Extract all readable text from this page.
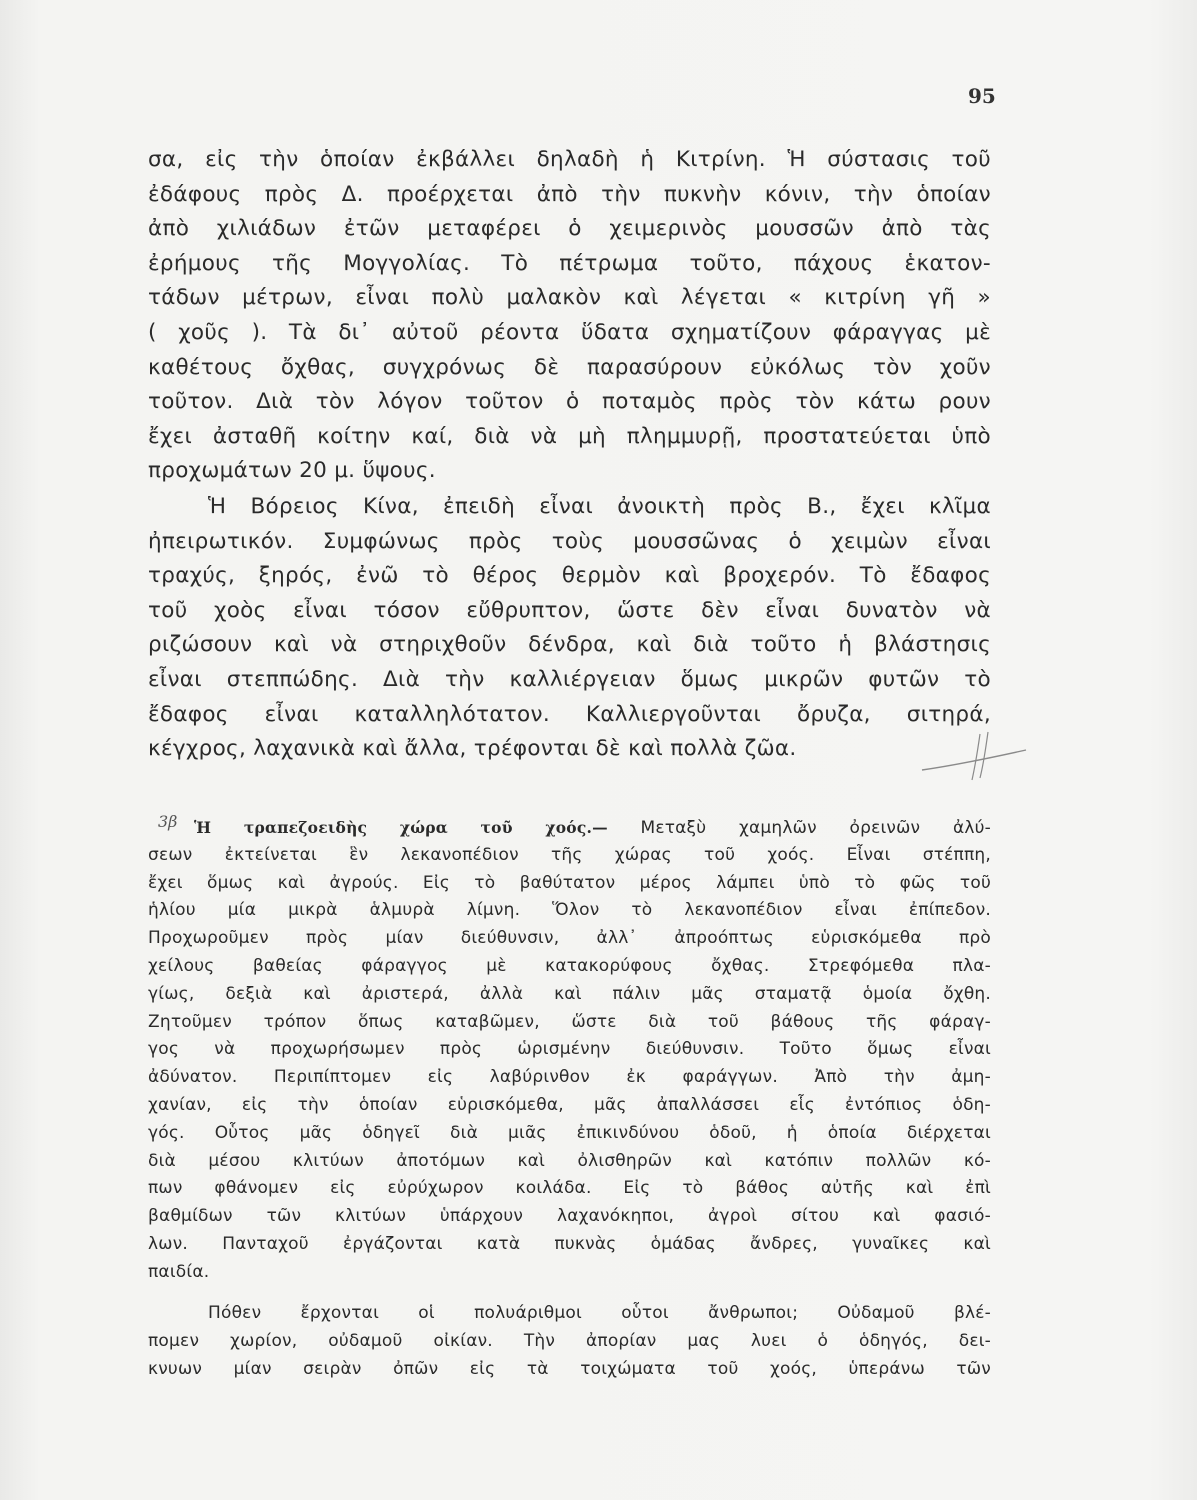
95
σα, εἰς τὴν ὁποίαν ἐκβάλλει δηλαδὴ ἡ Κιτρίνη. Ἡ σύστασις τοῦ
ἐδάφους πρὸς Δ. προέρχεται ἀπὸ τὴν πυκνὴν κόνιν, τὴν ὁποίαν
ἀπὸ χιλιάδων ἐτῶν μεταφέρει ὁ χειμερινὸς μουσσῶν ἀπὸ τὰς
ἐρήμους τῆς Μογγολίας. Τὸ πέτρωμα τοῦτο, πάχους ἑκατον-
τάδων μέτρων, εἶναι πολὺ μαλακὸν καὶ λέγεται « κιτρίνη γῆ »
( χοῦς ). Τὰ δι᾽ αὐτοῦ ρέοντα ὕδατα σχηματίζουν φάραγγας μὲ
καθέτους ὄχθας, συγχρόνως δὲ παρασύρουν εὐκόλως τὸν χοῦν
τοῦτον. Διὰ τὸν λόγον τοῦτον ὁ ποταμὸς πρὸς τὸν κάτω ρουν
ἔχει ἀσταθῆ κοίτην καί, διὰ νὰ μὴ πλημμυρῇ, προστατεύεται ὑπὸ
προχωμάτων 20 μ. ὕψους.
Ἡ Βόρειος Κίνα, ἐπειδὴ εἶναι ἀνοικτὴ πρὸς Β., ἔχει κλῖμα
ἠπειρωτικόν. Συμφώνως πρὸς τοὺς μουσσῶνας ὁ χειμὼν εἶναι
τραχύς, ξηρός, ἐνῶ τὸ θέρος θερμὸν καὶ βροχερόν. Τὸ ἔδαφος
τοῦ χοὸς εἶναι τόσον εὔθρυπτον, ὥστε δὲν εἶναι δυνατὸν νὰ
ριζώσουν καὶ νὰ στηριχθοῦν δένδρα, καὶ διὰ τοῦτο ἡ βλάστησις
εἶναι στεππώδης. Διὰ τὴν καλλιέργειαν ὅμως μικρῶν φυτῶν τὸ
ἔδαφος εἶναι καταλληλότατον. Καλλιεργοῦνται ὄρυζα, σιτηρά,
κέγχρος, λαχανικὰ καὶ ἄλλα, τρέφονται δὲ καὶ πολλὰ ζῶα.
3β	Ἡ τραπεζοειδὴς χώρα τοῦ χοός.— Μεταξὺ χαμηλῶν ὀρεινῶν ἀλύ-
σεων ἐκτείνεται ἓν λεκανοπέδιον τῆς χώρας τοῦ χοός. Εἶναι στέππη,
ἔχει ὅμως καὶ ἀγρούς. Εἰς τὸ βαθύτατον μέρος λάμπει ὑπὸ τὸ φῶς τοῦ
ἡλίου μία μικρὰ ἁλμυρὰ λίμνη. Ὅλον τὸ λεκανοπέδιον εἶναι ἐπίπεδον.
Προχωροῦμεν πρὸς μίαν διεύθυνσιν, ἀλλ᾽ ἀπροόπτως εὑρισκόμεθα πρὸ
χείλους βαθείας φάραγγος μὲ κατακορύφους ὄχθας. Στρεφόμεθα πλα-
γίως, δεξιὰ καὶ ἀριστερά, ἀλλὰ καὶ πάλιν μᾶς σταματᾷ ὁμοία ὄχθη.
Ζητοῦμεν τρόπον ὅπως καταβῶμεν, ὥστε διὰ τοῦ βάθους τῆς φάραγ-
γος νὰ προχωρήσωμεν πρὸς ὡρισμένην διεύθυνσιν. Τοῦτο ὅμως εἶναι
ἀδύνατον. Περιπίπτομεν εἰς λαβύρινθον ἐκ φαράγγων. Ἀπὸ τὴν ἀμη-
χανίαν, εἰς τὴν ὁποίαν εὑρισκόμεθα, μᾶς ἀπαλλάσσει εἷς ἐντόπιος ὁδη-
γός. Οὗτος μᾶς ὁδηγεῖ διὰ μιᾶς ἐπικινδύνου ὁδοῦ, ἡ ὁποία διέρχεται
διὰ μέσου κλιτύων ἀποτόμων καὶ ὀλισθηρῶν καὶ κατόπιν πολλῶν κό-
πων φθάνομεν εἰς εὐρύχωρον κοιλάδα. Εἰς τὸ βάθος αὐτῆς καὶ ἐπὶ
βαθμίδων τῶν κλιτύων ὑπάρχουν λαχανόκηποι, ἀγροὶ σίτου καὶ φασιό-
λων. Πανταχοῦ ἐργάζονται κατὰ πυκνὰς ὁμάδας ἄνδρες, γυναῖκες καὶ
παιδία.
Πόθεν ἔρχονται οἱ πολυάριθμοι οὗτοι ἄνθρωποι; Οὐδαμοῦ βλέ-
πομεν χωρίον, οὐδαμοῦ οἰκίαν. Τὴν ἀπορίαν μας λυει ὁ ὁδηγός, δει-
κνυων μίαν σειρὰν ὀπῶν εἰς τὰ τοιχώματα τοῦ χοός, ὑπεράνω τῶν
